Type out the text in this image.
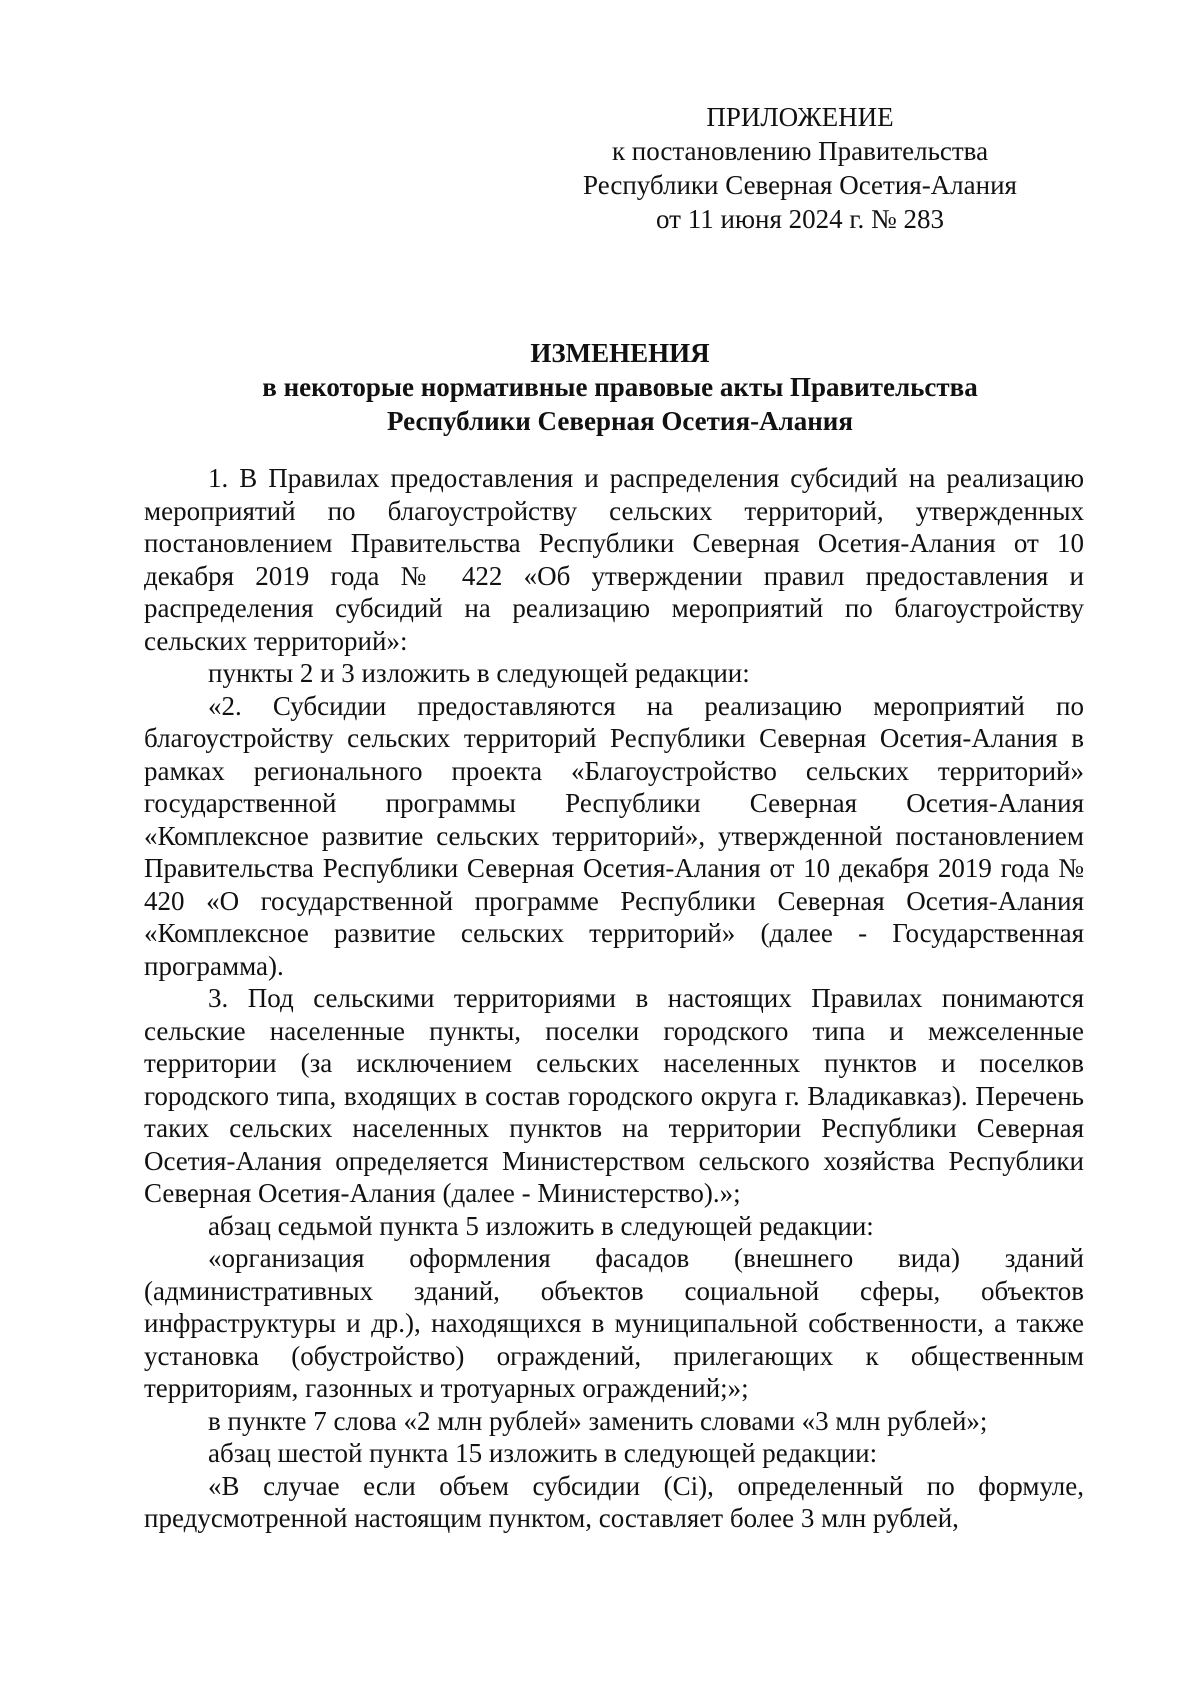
ПРИЛОЖЕНИЕ
к постановлению Правительства
Республики Северная Осетия-Алания
от 11 июня 2024 г. № 283
ИЗМЕНЕНИЯ
в некоторые нормативные правовые акты Правительства
Республики Северная Осетия-Алания

1. В Правилах предоставления и распределения субсидий на реализацию мероприятий по благоустройству сельских территорий, утвержденных постановлением Правительства Республики Северная Осетия-Алания от 10 декабря 2019 года № 422 «Об утверждении правил предоставления и распределения субсидий на реализацию мероприятий по благоустройству сельских территорий»:

пункты 2 и 3 изложить в следующей редакции:

«2. Субсидии предоставляются на реализацию мероприятий по благоустройству сельских территорий Республики Северная Осетия-Алания в рамках регионального проекта «Благоустройство сельских территорий» государственной программы Республики Северная Осетия-Алания «Комплексное развитие сельских территорий», утвержденной постановлением Правительства Республики Северная Осетия-Алания от 10 декабря 2019 года № 420 «О государственной программе Республики Северная Осетия-Алания «Комплексное развитие сельских территорий» (далее - Государственная программа).

3. Под сельскими территориями в настоящих Правилах понимаются сельские населенные пункты, поселки городского типа и межселенные территории (за исключением сельских населенных пунктов и поселков городского типа, входящих в состав городского округа г. Владикавказ). Перечень таких сельских населенных пунктов на территории Республики Северная Осетия-Алания определяется Министерством сельского хозяйства Республики Северная Осетия-Алания (далее - Министерство).»;

абзац седьмой пункта 5 изложить в следующей редакции:

«организация оформления фасадов (внешнего вида) зданий (административных зданий, объектов социальной сферы, объектов инфраструктуры и др.), находящихся в муниципальной собственности, а также установка (обустройство) ограждений, прилегающих к общественным территориям, газонных и тротуарных ограждений;»;

в пункте 7 слова «2 млн рублей» заменить словами «3 млн рублей»;

абзац шестой пункта 15 изложить в следующей редакции:

«В случае если объем субсидии (Ci), определенный по формуле, предусмотренной настоящим пунктом, составляет более 3 млн рублей,
